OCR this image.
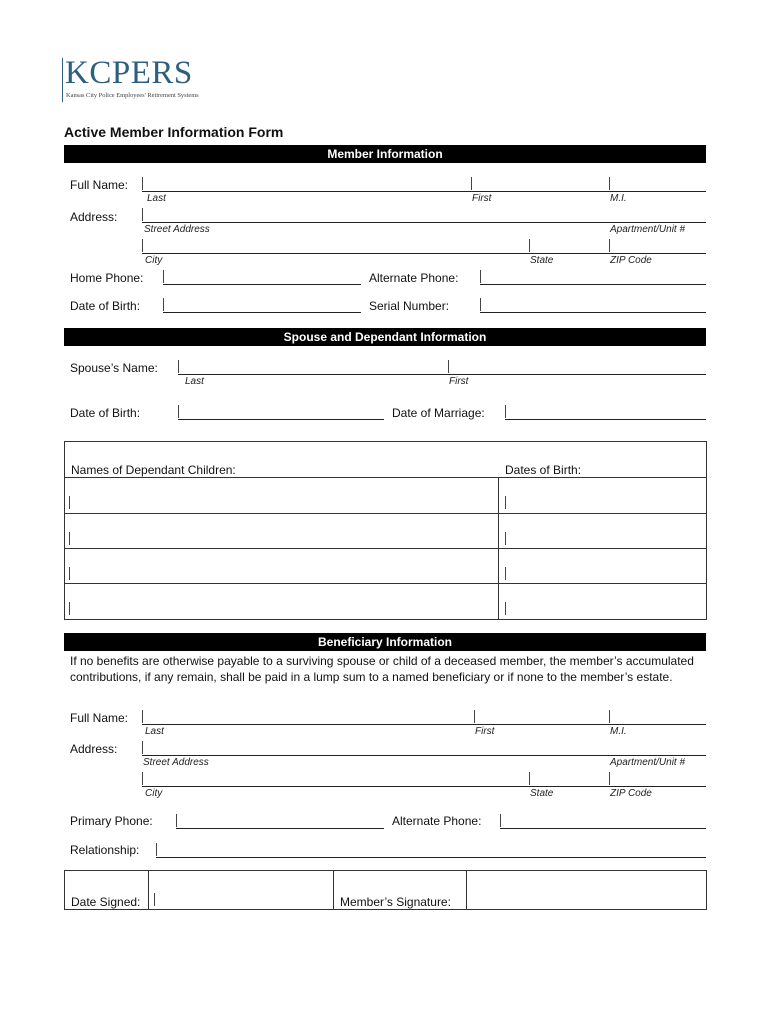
KCPERS
Kansas City Police Employees' Retirement Systems
Active Member Information Form
Member Information
Full Name:
Last	First	M.I.
Address:
Street Address	Apartment/Unit #
City	State	ZIP Code
Home Phone:	Alternate Phone:
Date of Birth:	Serial Number:
Spouse and Dependant Information
Spouse’s Name:
Last	First
Date of Birth:	Date of Marriage:
Names of Dependant Children:	Dates of Birth:
Beneficiary Information
If no benefits are otherwise payable to a surviving spouse or child of a deceased member, the member’s accumulated contributions, if any remain, shall be paid in a lump sum to a named beneficiary or if none to the member’s estate.
Full Name:
Last	First	M.I.
Address:
Street Address	Apartment/Unit #
City	State	ZIP Code
Primary Phone:	Alternate Phone:
Relationship:
Date Signed:	Member’s Signature:
